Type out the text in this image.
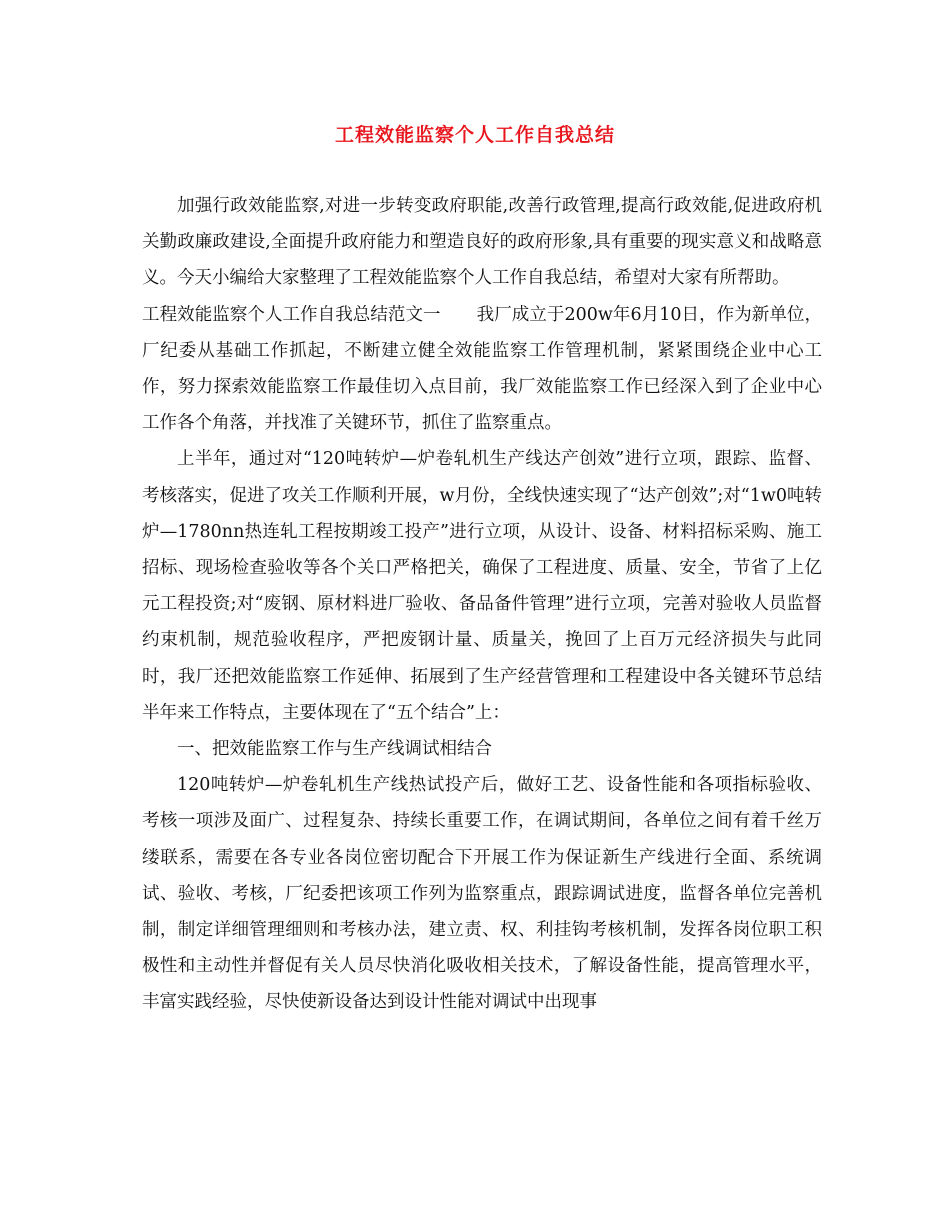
工程效能监察个人工作自我总结

加强行政效能监察,对进一步转变政府职能,改善行政管理,提高行政效能,促进政府机关勤政廉政建设,全面提升政府能力和塑造良好的政府形象,具有重要的现实意义和战略意义。今天小编给大家整理了工程效能监察个人工作自我总结，希望对大家有所帮助。

工程效能监察个人工作自我总结范文一 我厂成立于200w年6月10日，作为新单位，厂纪委从基础工作抓起，不断建立健全效能监察工作管理机制，紧紧围绕企业中心工作，努力探索效能监察工作最佳切入点目前，我厂效能监察工作已经深入到了企业中心工作各个角落，并找准了关键环节，抓住了监察重点。

上半年，通过对“120吨转炉—炉卷轧机生产线达产创效”进行立项，跟踪、监督、考核落实，促进了攻关工作顺利开展，w月份，全线快速实现了“达产创效”;对“1w0吨转炉—1780nn热连轧工程按期竣工投产”进行立项，从设计、设备、材料招标采购、施工招标、现场检查验收等各个关口严格把关，确保了工程进度、质量、安全，节省了上亿元工程投资;对“废钢、原材料进厂验收、备品备件管理”进行立项，完善对验收人员监督约束机制，规范验收程序，严把废钢计量、质量关，挽回了上百万元经济损失与此同时，我厂还把效能监察工作延伸、拓展到了生产经营管理和工程建设中各关键环节总结半年来工作特点，主要体现在了“五个结合”上：

一、把效能监察工作与生产线调试相结合

120吨转炉—炉卷轧机生产线热试投产后，做好工艺、设备性能和各项指标验收、考核一项涉及面广、过程复杂、持续长重要工作，在调试期间，各单位之间有着千丝万缕联系，需要在各专业各岗位密切配合下开展工作为保证新生产线进行全面、系统调试、验收、考核，厂纪委把该项工作列为监察重点，跟踪调试进度，监督各单位完善机制，制定详细管理细则和考核办法，建立责、权、利挂钩考核机制，发挥各岗位职工积极性和主动性并督促有关人员尽快消化吸收相关技术，了解设备性能，提高管理水平，丰富实践经验，尽快使新设备达到设计性能对调试中出现事
